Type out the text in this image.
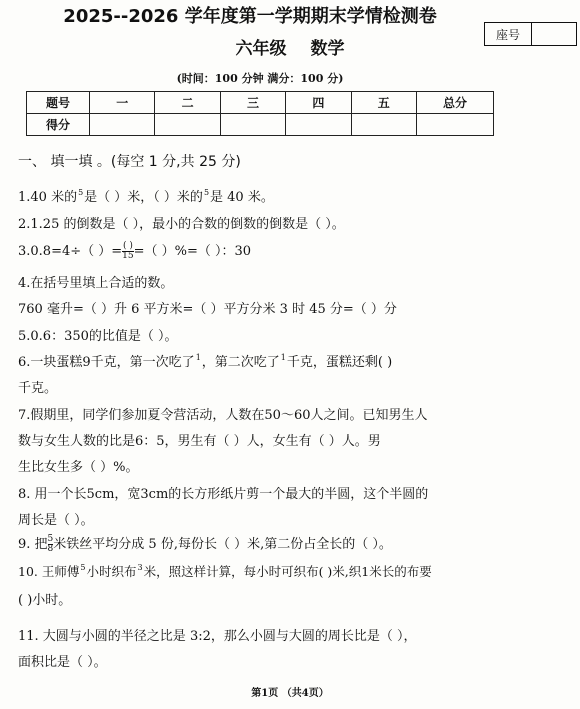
2025--2026 学年度第一学期期末学情检测卷
座号
六年级 数学
(时间：100 分钟 满分：100 分)
题号	一	二	三	四	五	总分
得分						
一、 填一填 。(每空 1 分,共 25 分)
1.40 米的5是（ ）米，（ ）米的5是 40 米。
2.1.25 的倒数是（ ），最小的合数的倒数的倒数是（ ）。
3.0.8=4÷（ ）= ( )
15 =（ ）%=（ ）：30
4.在括号里填上合适的数。
760 毫升=（ ）升 6 平方米=（ ）平方分米 3 时 45 分=（ ）分
5.0.6：350的比值是（ ）。
6.一块蛋糕9千克，第一次吃了1，第二次吃了1千克，蛋糕还剩( )
千克。
7.假期里，同学们参加夏令营活动，人数在50～60人之间。已知男生人
数与女生人数的比是6：5，男生有（ ）人，女生有（ ）人。男
生比女生多（ ）%。
8. 用一个长5cm，宽3cm的长方形纸片剪一个最大的半圆，这个半圆的
周长是（ ）。
9. 把 $\frac{5}{8}$ 米铁丝平均分成 5 份,每份长（ ）米,第二份占全长的（ ）。
10. 王师傅5小时织布3米，照这样计算，每小时可织布( )米,织1米长的布要
( )小时。
11. 大圆与小圆的半径之比是 3:2，那么小圆与大圆的周长比是（ ），
面积比是（ ）。
第1页 （共4页）
